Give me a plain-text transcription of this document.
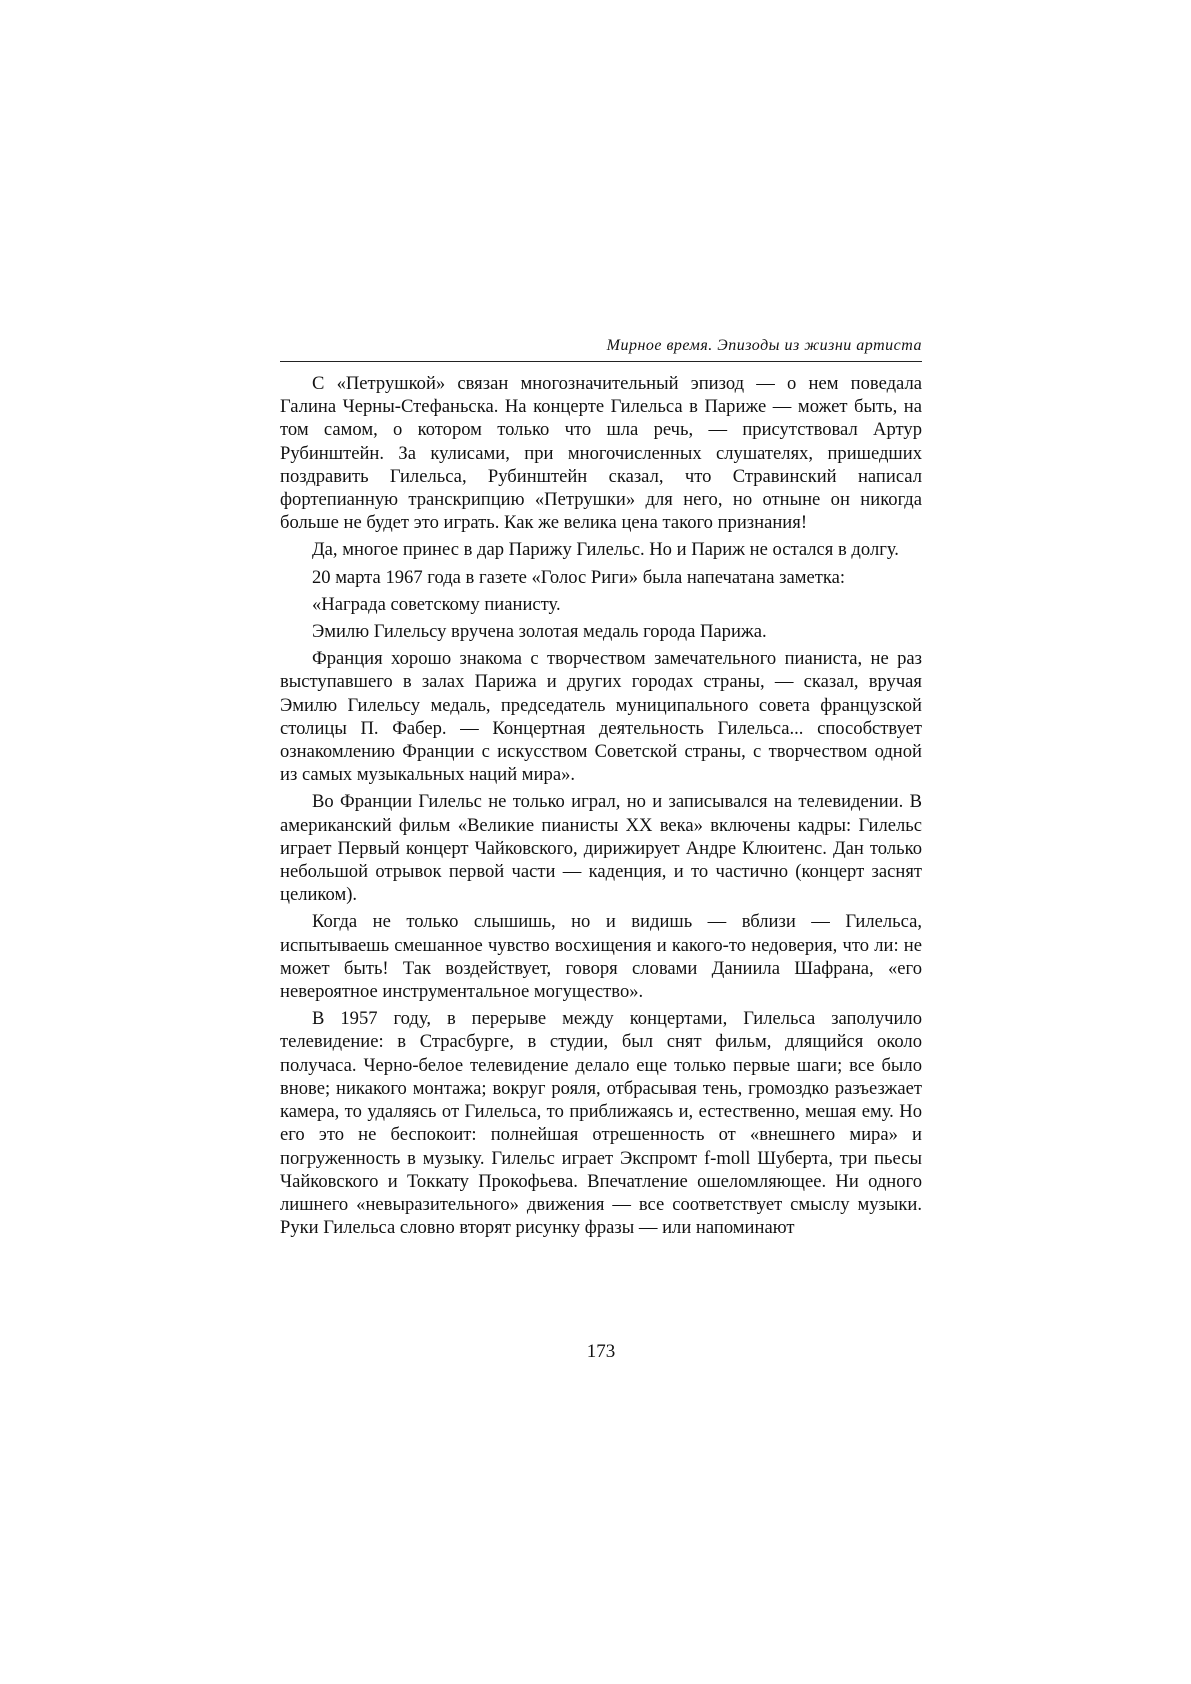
Мирное время. Эпизоды из жизни артиста

С «Петрушкой» связан многозначительный эпизод — о нем поведала Галина Черны-Стефаньска. На концерте Гилельса в Париже — может быть, на том самом, о котором только что шла речь, — присутствовал Артур Рубинштейн. За кулисами, при многочисленных слушателях, пришедших поздравить Гилельса, Рубинштейн сказал, что Стравинский написал фортепианную транскрипцию «Петрушки» для него, но отныне он никогда больше не будет это играть. Как же велика цена такого признания!

Да, многое принес в дар Парижу Гилельс. Но и Париж не остался в долгу.

20 марта 1967 года в газете «Голос Риги» была напечатана заметка:

«Награда советскому пианисту.

Эмилю Гилельсу вручена золотая медаль города Парижа.

Франция хорошо знакома с творчеством замечательного пианиста, не раз выступавшего в залах Парижа и других городах страны, — сказал, вручая Эмилю Гилельсу медаль, председатель муниципального совета французской столицы П. Фабер. — Концертная деятельность Гилельса... способствует ознакомлению Франции с искусством Советской страны, с творчеством одной из самых музыкальных наций мира».

Во Франции Гилельс не только играл, но и записывался на телевидении. В американский фильм «Великие пианисты XX века» включены кадры: Гилельс играет Первый концерт Чайковского, дирижирует Андре Клюитенс. Дан только небольшой отрывок первой части — каденция, и то частично (концерт заснят целиком).

Когда не только слышишь, но и видишь — вблизи — Гилельса, испытываешь смешанное чувство восхищения и какого-то недоверия, что ли: не может быть! Так воздействует, говоря словами Даниила Шафрана, «его невероятное инструментальное могущество».

В 1957 году, в перерыве между концертами, Гилельса заполучило телевидение: в Страсбурге, в студии, был снят фильм, длящийся около получаса. Черно-белое телевидение делало еще только первые шаги; все было внове; никакого монтажа; вокруг рояля, отбрасывая тень, громоздко разъезжает камера, то удаляясь от Гилельса, то приближаясь и, естественно, мешая ему. Но его это не беспокоит: полнейшая отрешенность от «внешнего мира» и погруженность в музыку. Гилельс играет Экспромт f-moll Шуберта, три пьесы Чайковского и Токкату Прокофьева. Впечатление ошеломляющее. Ни одного лишнего «невыразительного» движения — все соответствует смыслу музыки. Руки Гилельса словно вторят рисунку фразы — или напоминают

173
